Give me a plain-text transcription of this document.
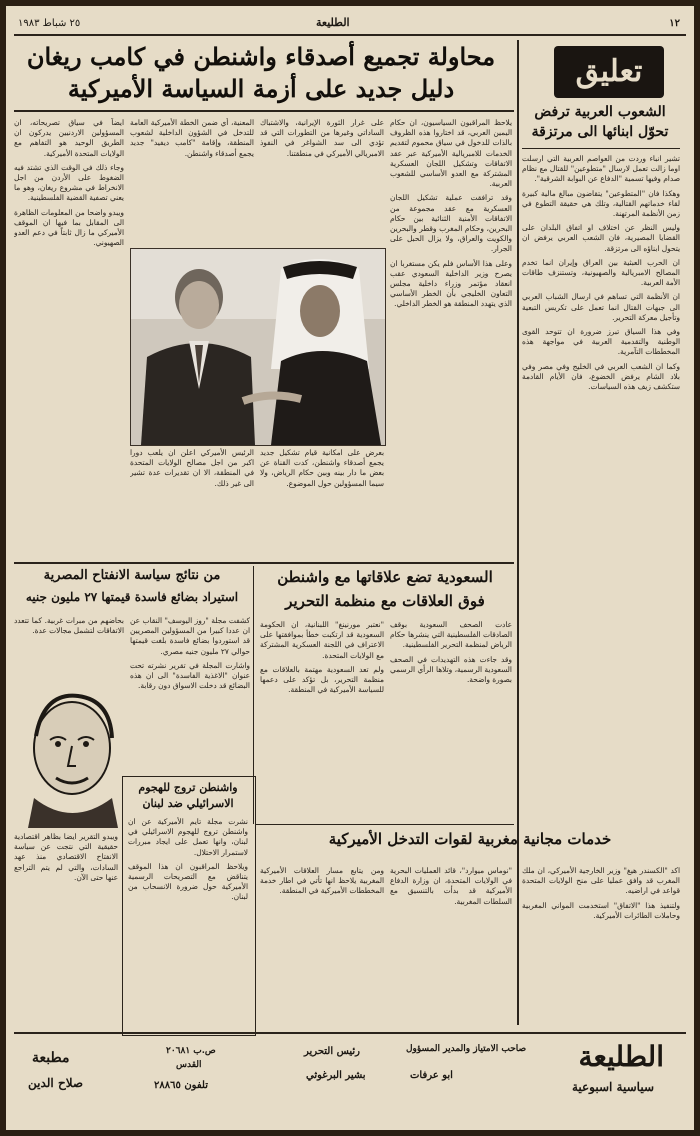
١٢
الطليعة
٢٥ شباط ١٩٨٣
محاولة تجميع أصدقاء واشنطن في كامب ريغان
دليل جديد على أزمة السياسة الأميركية	تعليق
الشعوب العربية ترفض
تحوّل ابنائها الى مرتزقة

تشير انباء وردت من العواصم العربية التي ارسلت اوما زالت تعمل لارسال "متطوعين" للقتال مع نظام صدام وفيها تسمية "الدفاع عن البوابة الشرقية".

وهكذا فان "المتطوعين" يتقاضون مبالغ مالية كبيرة لقاء خدماتهم القتالية، وتلك هي حقيقة التطوع في زمن الأنظمة المرتهنة.

وليس النظر عن اختلاف او اتفاق البلدان على القضايا المصيرية، فان الشعب العربي يرفض ان يتحول ابناؤه الى مرتزقة.

ان الحرب العبثية بين العراق وإيران انما تخدم المصالح الامبريالية والصهيونية، وتستنزف طاقات الأمة العربية.

ان الأنظمة التي تساهم في ارسال الشباب العربي الى جبهات القتال انما تعمل على تكريس التبعية وتأجيل معركة التحرير.

وفي هذا السياق تبرز ضرورة ان تتوحد القوى الوطنية والتقدمية العربية في مواجهة هذه المخططات التآمرية.

وكما ان الشعب العربي في الخليج وفي مصر وفي بلاد الشام يرفض الخضوع، فان الأيام القادمة ستكشف زيف هذه السياسات.

يلاحظ المراقبون السياسيون، ان حكام اليمين العربي، قد اختاروا هذه الظروف بالذات للدخول في سياق محموم لتقديم الخدمات للامبريالية الأميركية عبر عقد الاتفاقات وتشكيل اللجان العسكرية المشتركة مع العدو الأساسي للشعوب العربية.

وقد ترافقت عملية تشكيل اللجان العسكرية مع عقد مجموعة من الاتفاقات الأمنية الثنائية بين حكام البحرين، وحكام المغرب وقطر والبحرين والكويت والعراق، ولا يزال الحبل على الجرار.

وعلى هذا الأساس فلم يكن مستغربا ان يصرح وزير الداخلية السعودي عقب انعقاد مؤتمر وزراء داخلية مجلس التعاون الخليجي بأن الخطر الأساسي الذي يتهدد المنطقة هو الخطر الداخلي.

على غرار الثورة الإيرانية، والاشتباك الساداتي وغيرها من التطورات التي قد تؤدي الى سد الشواغر في النفوذ الامبريالي الأميركي في منطقتنا.

المعنية، أي ضمن الخطة الأميركية العامة للتدخل في الشؤون الداخلية لشعوب المنطقة، وإقامة "كامب ديفيد" جديد يجمع أصدقاء واشنطن.

ايضاً في سياق تصريحاته، ان المسؤولين الاردنيين يدركون ان الطريق الوحيد هو التفاهم مع الولايات المتحدة الأميركية.

وجاء ذلك في الوقت الذي تشتد فيه الضغوط على الأردن من اجل الانخراط في مشروع ريغان، وهو ما يعني تصفية القضية الفلسطينية.

ويبدو واضحا من المعلومات الظاهرة الى المقابل بما فيها ان الموقف الأميركي ما زال ثابتاً في دعم العدو الصهيوني.

بعرض على امكانية قيام تشكيل جديد يجمع أصدقاء واشنطن، كدت القناة عن بعض ما دار بينه وبين حكام الرياض، ولا سيما المسؤولين حول الموضوع.

الرئيس الأميركي اعلن ان يلعب دورا اكبر من اجل مصالح الولايات المتحدة في المنطقة، الا ان تقديرات عدة تشير الى غير ذلك.

السعودية تضع علاقاتها مع واشنطن
فوق العلاقات مع منظمة التحرير

عادت الصحف السعودية بوقف الصادقات الفلسطينية التي ينشرها حكام الرياض لمنظمة التحرير الفلسطينية.

وقد جاءت هذه التهديدات في الصحف السعودية الرسمية، وتلاها الرأي الرسمي بصورة واضحة.

"نعتبر مورنينغ" اللبنانية، ان الحكومة السعودية قد ارتكبت خطأ بموافقتها على الاعتراف في اللجنة العسكرية المشتركة مع الولايات المتحدة.

ولم تعد السعودية مهتمة بالعلاقات مع منظمة التحرير، بل تؤكد على دعمها للسياسة الأميركية في المنطقة.

من نتائج سياسة الانفتاح المصرية
استيراد بضائع فاسدة قيمتها ٢٧ مليون جنيه

كشفت مجلة "روز اليوسف" النقاب عن ان عددا كبيرا من المسؤولين المصريين قد استوردوا بضائع فاسدة بلغت قيمتها حوالي ٢٧ مليون جنيه مصري.

واشارت المجلة في تقرير نشرته تحت عنوان "الاغذية الفاسدة" الى ان هذه البضائع قد دخلت الاسواق دون رقابة.

بحاضهم من مبرات غربية. كما تتعدد الاتفاقات لتشمل مجالات عدة.

واشنطن تروج للهجوم
الاسرائيلي ضد لبنان

نشرت مجلة تايم الأميركية عن ان واشنطن تروج للهجوم الاسرائيلي في لبنان، وانها تعمل على ايجاد مبررات لاستمرار الاحتلال.

ويلاحظ المراقبون ان هذا الموقف يتناقض مع التصريحات الرسمية الأميركية حول ضرورة الانسحاب من لبنان.

ويبدو التقرير ايضا بظاهر اقتصادية حقيقية التي نتجت عن سياسة الانفتاح الاقتصادي منذ عهد السادات، والتي لم يتم التراجع عنها حتى الآن.

خدمات مجانية مغربية لقوات التدخل الأميركية

اكد "الكسندر هيغ" وزير الخارجية الأميركي، ان ملك المغرب قد وافق عمليا على منح الولايات المتحدة قواعد في اراضيه.

ولتنفيذ هذا "الاتفاق" استخدمت المواني المغربية وحاملات الطائرات الأميركية.

"نوماس ميوارد"، قائد العمليات البحرية في الولايات المتحدة، ان وزارة الدفاع الأميركية قد بدأت بالتنسيق مع السلطات المغربية.

ومن يتابع مسار العلاقات الأميركية المغربية يلاحظ انها تأتي في اطار خدمة المخططات الأميركية في المنطقة.

الطليعة
سياسية اسبوعية
صاحب الامتياز والمدير المسؤول
ابو عرفات
رئيس التحرير
بشير البرغوثي
ص.ب ٢٠٦٨١
القدس
تلفون ٢٨٨٦٥
مطبعة
صلاح الدين
